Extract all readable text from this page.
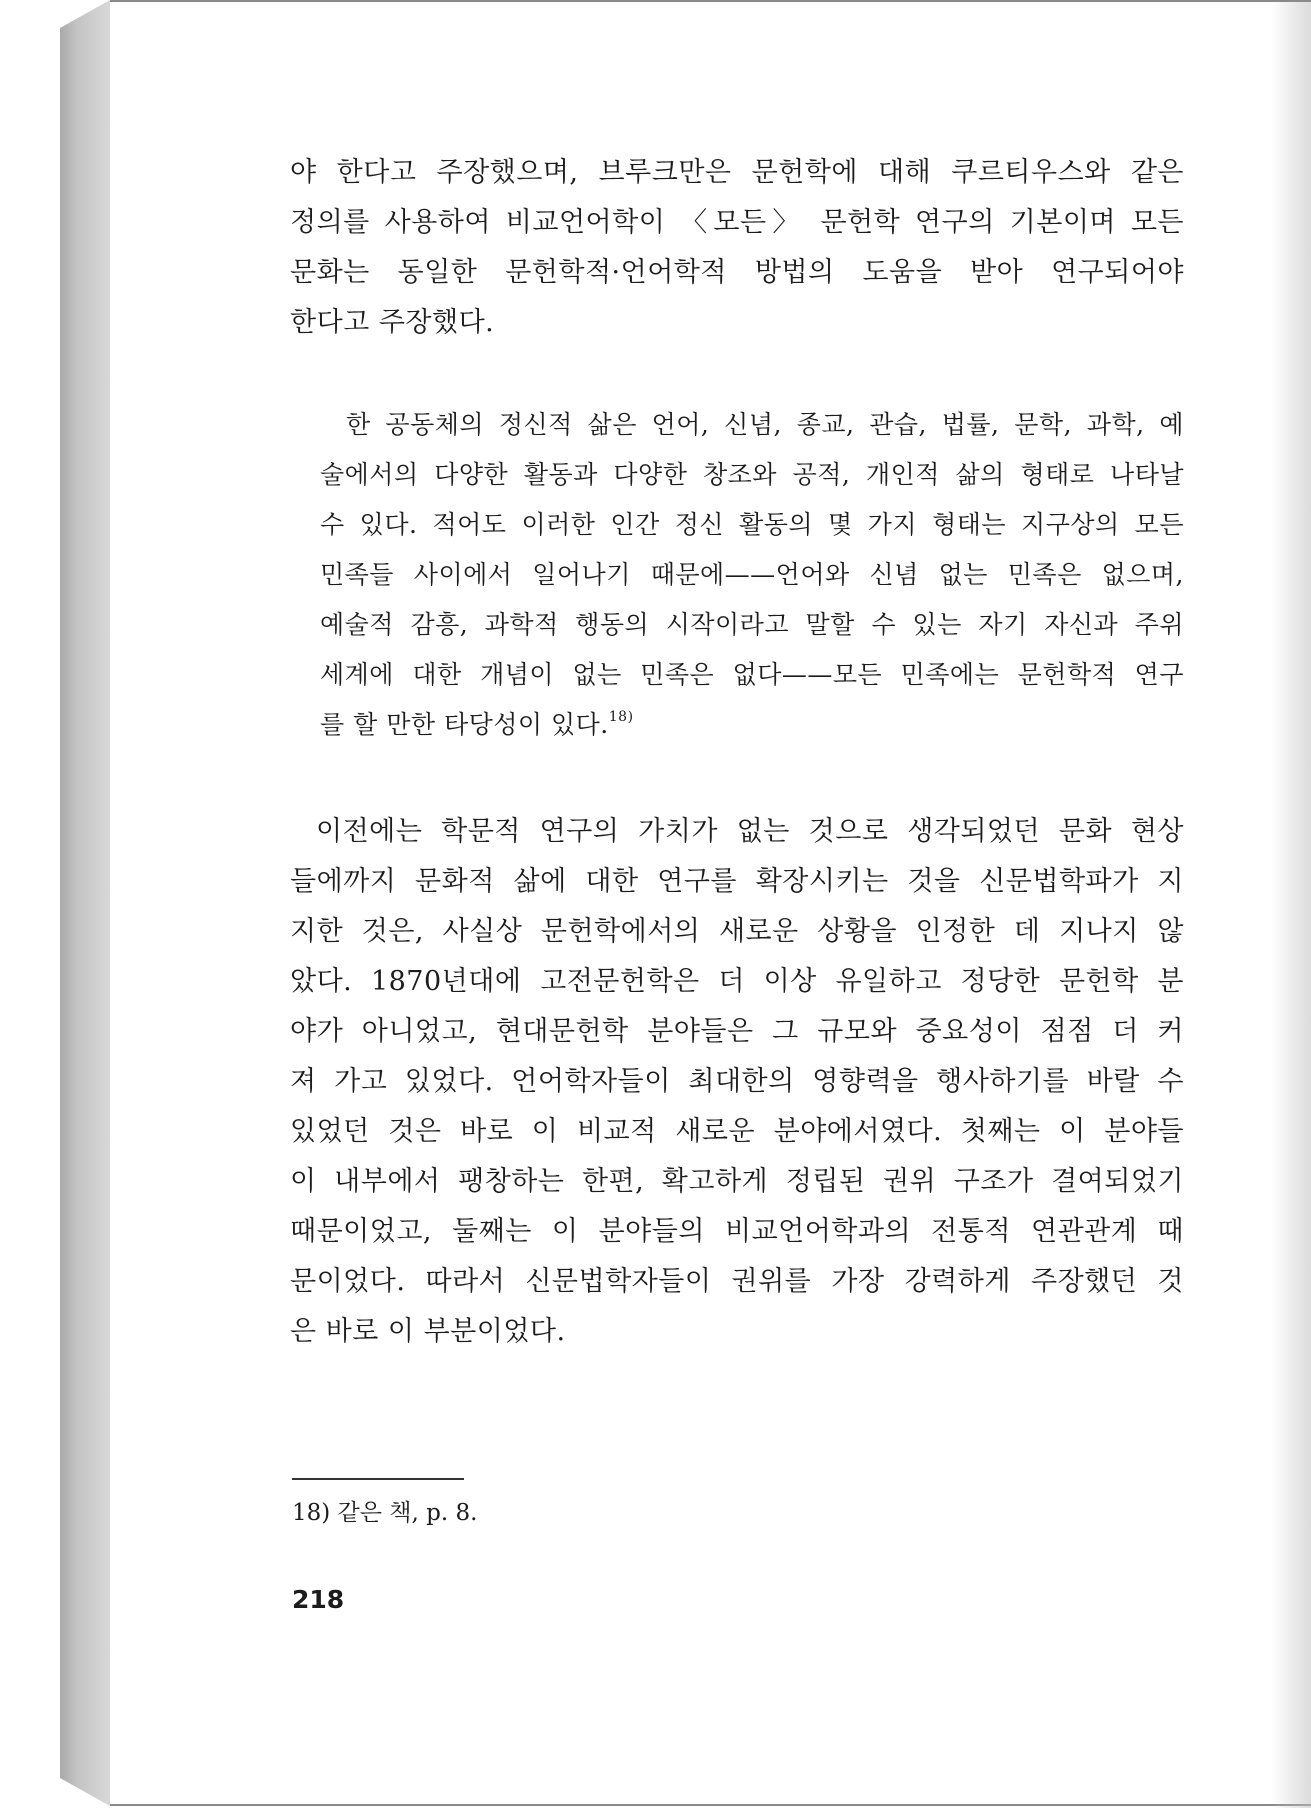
야 한다고 주장했으며, 브루크만은 문헌학에 대해 쿠르티우스와 같은
정의를 사용하여 비교언어학이 〈모든〉 문헌학 연구의 기본이며 모든
문화는 동일한 문헌학적·언어학적 방법의 도움을 받아 연구되어야
한다고 주장했다.
한 공동체의 정신적 삶은 언어, 신념, 종교, 관습, 법률, 문학, 과학, 예
술에서의 다양한 활동과 다양한 창조와 공적, 개인적 삶의 형태로 나타날
수 있다. 적어도 이러한 인간 정신 활동의 몇 가지 형태는 지구상의 모든
민족들 사이에서 일어나기 때문에——언어와 신념 없는 민족은 없으며,
예술적 감흥, 과학적 행동의 시작이라고 말할 수 있는 자기 자신과 주위
세계에 대한 개념이 없는 민족은 없다——모든 민족에는 문헌학적 연구
를 할 만한 타당성이 있다.$^{18)}$
이전에는 학문적 연구의 가치가 없는 것으로 생각되었던 문화 현상
들에까지 문화적 삶에 대한 연구를 확장시키는 것을 신문법학파가 지
지한 것은, 사실상 문헌학에서의 새로운 상황을 인정한 데 지나지 않
았다. 1870년대에 고전문헌학은 더 이상 유일하고 정당한 문헌학 분
야가 아니었고, 현대문헌학 분야들은 그 규모와 중요성이 점점 더 커
져 가고 있었다. 언어학자들이 최대한의 영향력을 행사하기를 바랄 수
있었던 것은 바로 이 비교적 새로운 분야에서였다. 첫째는 이 분야들
이 내부에서 팽창하는 한편, 확고하게 정립된 권위 구조가 결여되었기
때문이었고, 둘째는 이 분야들의 비교언어학과의 전통적 연관관계 때
문이었다. 따라서 신문법학자들이 권위를 가장 강력하게 주장했던 것
은 바로 이 부분이었다.
18) 같은 책, p. 8.
218
